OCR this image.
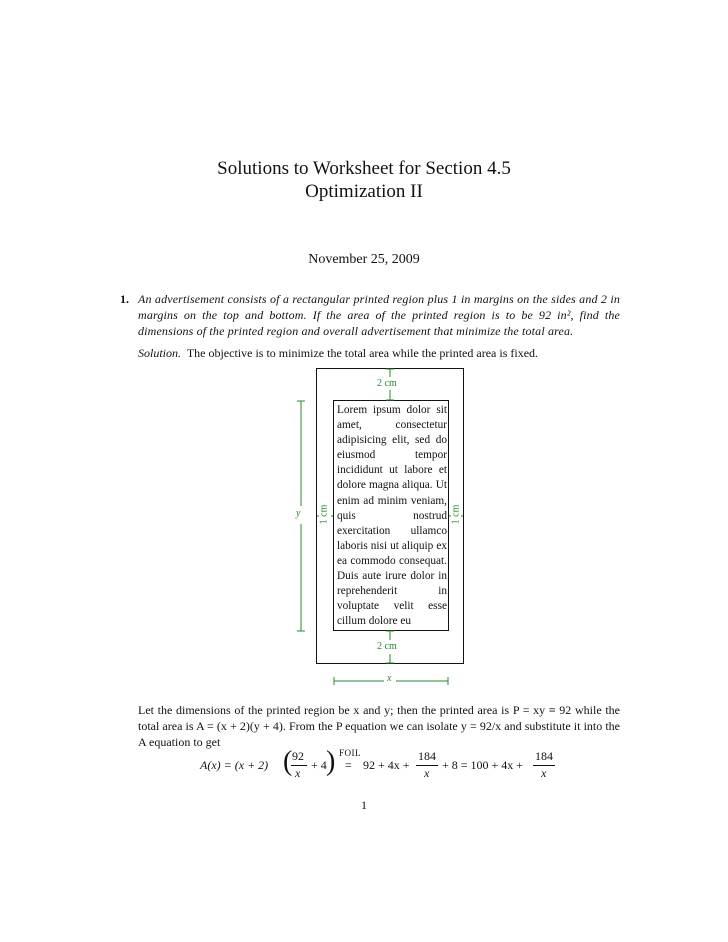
Solutions to Worksheet for Section 4.5
Optimization II
November 25, 2009
1. An advertisement consists of a rectangular printed region plus 1 in margins on the sides and 2 in margins on the top and bottom. If the area of the printed region is to be 92 in², find the dimensions of the printed region and overall advertisement that minimize the total area.
Solution. The objective is to minimize the total area while the printed area is fixed.
Lorem ipsum dolor sit amet, consectetur adipisicing elit, sed do eiusmod tempor incididunt ut labore et dolore magna aliqua. Ut enim ad minim veniam, quis nostrud exercitation ullamco laboris nisi ut aliquip ex ea commodo consequat. Duis aute irure dolor in reprehenderit in voluptate velit esse cillum dolore eu
2 cm
2 cm
1 cm	1 cm
y
x
Let the dimensions of the printed region be x and y; then the printed area is P = xy ≡ 92 while the total area is A = (x + 2)(y + 4). From the P equation we can isolate y = 92/x and substitute it into the A equation to get
A(x) = (x + 2) ( 92
x
+ 4 ) FOIL
= 92 + 4x +
184
x
+ 8 = 100 + 4x +
184
x
1
